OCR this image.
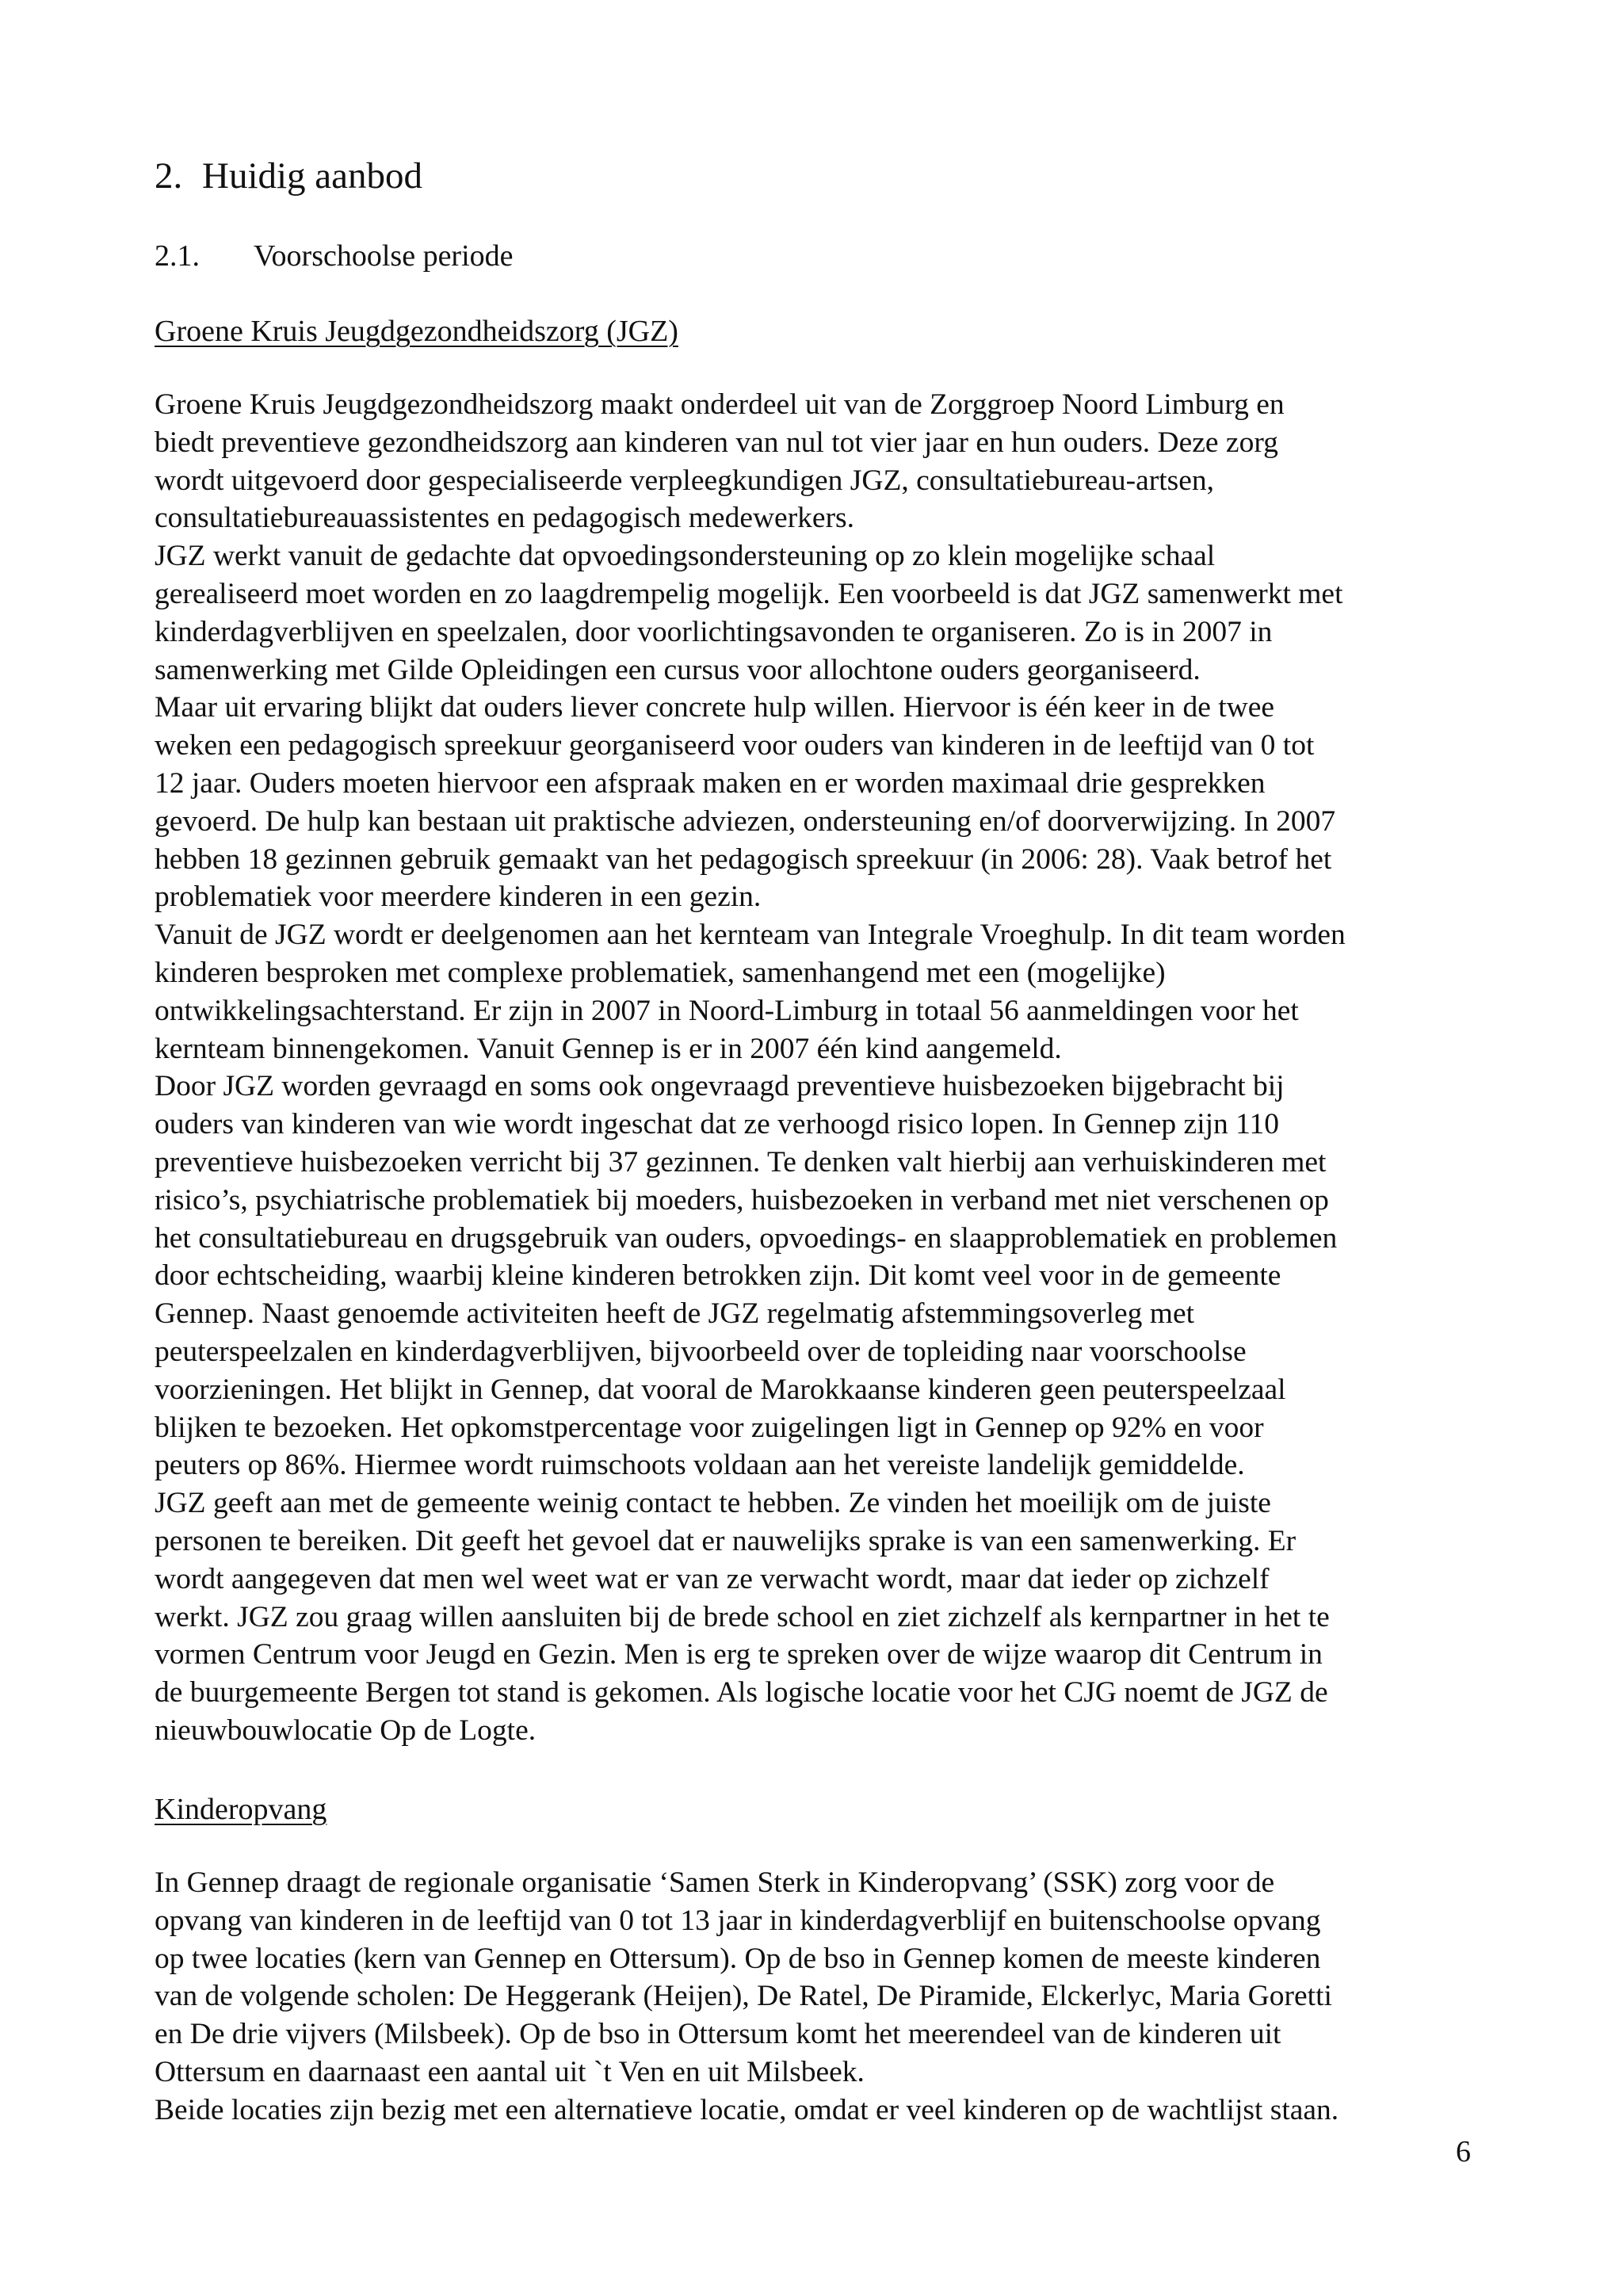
2. Huidig aanbod
2.1. Voorschoolse periode
Groene Kruis Jeugdgezondheidszorg (JGZ)
Groene Kruis Jeugdgezondheidszorg maakt onderdeel uit van de Zorggroep Noord Limburg en
biedt preventieve gezondheidszorg aan kinderen van nul tot vier jaar en hun ouders. Deze zorg
wordt uitgevoerd door gespecialiseerde verpleegkundigen JGZ, consultatiebureau-artsen,
consultatiebureauassistentes en pedagogisch medewerkers.
JGZ werkt vanuit de gedachte dat opvoedingsondersteuning op zo klein mogelijke schaal
gerealiseerd moet worden en zo laagdrempelig mogelijk. Een voorbeeld is dat JGZ samenwerkt met
kinderdagverblijven en speelzalen, door voorlichtingsavonden te organiseren. Zo is in 2007 in
samenwerking met Gilde Opleidingen een cursus voor allochtone ouders georganiseerd.
Maar uit ervaring blijkt dat ouders liever concrete hulp willen. Hiervoor is één keer in de twee
weken een pedagogisch spreekuur georganiseerd voor ouders van kinderen in de leeftijd van 0 tot
12 jaar. Ouders moeten hiervoor een afspraak maken en er worden maximaal drie gesprekken
gevoerd. De hulp kan bestaan uit praktische adviezen, ondersteuning en/of doorverwijzing. In 2007
hebben 18 gezinnen gebruik gemaakt van het pedagogisch spreekuur (in 2006: 28). Vaak betrof het
problematiek voor meerdere kinderen in een gezin.
Vanuit de JGZ wordt er deelgenomen aan het kernteam van Integrale Vroeghulp. In dit team worden
kinderen besproken met complexe problematiek, samenhangend met een (mogelijke)
ontwikkelingsachterstand. Er zijn in 2007 in Noord-Limburg in totaal 56 aanmeldingen voor het
kernteam binnengekomen. Vanuit Gennep is er in 2007 één kind aangemeld.
Door JGZ worden gevraagd en soms ook ongevraagd preventieve huisbezoeken bijgebracht bij
ouders van kinderen van wie wordt ingeschat dat ze verhoogd risico lopen. In Gennep zijn 110
preventieve huisbezoeken verricht bij 37 gezinnen. Te denken valt hierbij aan verhuiskinderen met
risico’s, psychiatrische problematiek bij moeders, huisbezoeken in verband met niet verschenen op
het consultatiebureau en drugsgebruik van ouders, opvoedings- en slaapproblematiek en problemen
door echtscheiding, waarbij kleine kinderen betrokken zijn. Dit komt veel voor in de gemeente
Gennep. Naast genoemde activiteiten heeft de JGZ regelmatig afstemmingsoverleg met
peuterspeelzalen en kinderdagverblijven, bijvoorbeeld over de topleiding naar voorschoolse
voorzieningen. Het blijkt in Gennep, dat vooral de Marokkaanse kinderen geen peuterspeelzaal
blijken te bezoeken. Het opkomstpercentage voor zuigelingen ligt in Gennep op 92% en voor
peuters op 86%. Hiermee wordt ruimschoots voldaan aan het vereiste landelijk gemiddelde.
JGZ geeft aan met de gemeente weinig contact te hebben. Ze vinden het moeilijk om de juiste
personen te bereiken. Dit geeft het gevoel dat er nauwelijks sprake is van een samenwerking. Er
wordt aangegeven dat men wel weet wat er van ze verwacht wordt, maar dat ieder op zichzelf
werkt. JGZ zou graag willen aansluiten bij de brede school en ziet zichzelf als kernpartner in het te
vormen Centrum voor Jeugd en Gezin. Men is erg te spreken over de wijze waarop dit Centrum in
de buurgemeente Bergen tot stand is gekomen. Als logische locatie voor het CJG noemt de JGZ de
nieuwbouwlocatie Op de Logte.
Kinderopvang
In Gennep draagt de regionale organisatie ‘Samen Sterk in Kinderopvang’ (SSK) zorg voor de
opvang van kinderen in de leeftijd van 0 tot 13 jaar in kinderdagverblijf en buitenschoolse opvang
op twee locaties (kern van Gennep en Ottersum). Op de bso in Gennep komen de meeste kinderen
van de volgende scholen: De Heggerank (Heijen), De Ratel, De Piramide, Elckerlyc, Maria Goretti
en De drie vijvers (Milsbeek). Op de bso in Ottersum komt het meerendeel van de kinderen uit
Ottersum en daarnaast een aantal uit `t Ven en uit Milsbeek.
Beide locaties zijn bezig met een alternatieve locatie, omdat er veel kinderen op de wachtlijst staan.
6
